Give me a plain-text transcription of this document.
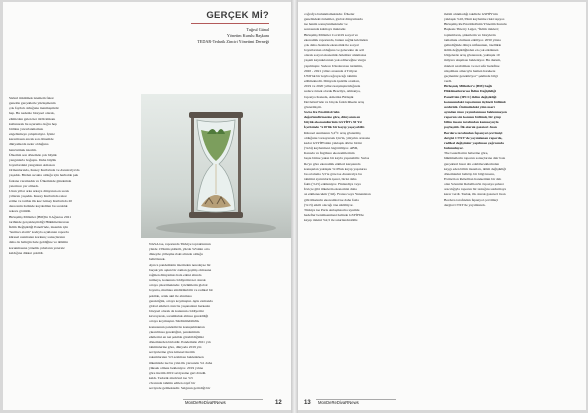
GERÇEK Mİ?
Tuğrul Günal
Yönetim Kurulu Başkanı
TEDAR-Tedarik Zinciri Yönetimi Derneği
Sizleri ürkütmek istemem fakat
genelde gerçeklerle yüzleşmenin
çok faydalı olduğuna inanmışımdır
hep. Bu nedenle bireysel olarak,
elimizden gelen her türlü imkanı
kullanarak bu uçuruma doğru hep
birlikte yuvarlanmamızı
engellemeye çalışmalıyız. İçiniz
kararmasın ancak son dönemde
dünyamızda neler olduğuna
hatırlatmak isterim.
Ülkemiz son dönemde çok büyük
yangınlarla boğuştu. Daha büyük
boyutlardaki yangınları Amazon
Ormanlarında, Kuzey Kutbu'nda ve Avustralya'da
yaşadık. Birden sıcakta olduğu için herhalde pek
farkına varamadık ve Ülkemizde gündemde
yeterince yer almadı.
Uzun yıllar arka arkaya dünyanın en sıcak
yıllarını yaşadık. Kuzey Kutbu'nda rekor
erime ve tarihte ilk kez Güney Kutbu'nda 20
derecenin üstünde kaydedilen bu sıcaklık
rekoru görüldü.
Birleşmiş Milletler (BM)'in 9 Ağustos 2021
tarihinde gerçekleştirdiği Hükümetlerarası
İklim Değişikliği Paneli'nde, insanlık için
"kırmızı alarm" kodıyla açıklanan raporda
küresel ısınmanın korkunç sonuçlarının
daha da belirgin hale geldiğine ve iklimin
korunmasına yönelik çabaların yetersiz
kaldığına dikkat çekildi.
NASA ise, raporunda Türkiye topraklarının
yüzde 13'ünün şiddetli, yüzde 52'sinin orta
düzeyde çölleşme riski altında olduğu
belirtilerek.
Ayrıca pandeminin üzerinden neredeyse bir
buçuk yılı aşkın bir zaman geçmiş olmasına
rağmen dünyamızı hala etkisi altında
tutmaya, konunun ciddiyetini net olarak
ortaya çıkartmaktadır. Çözümlerin global
boyutta, mutlaka sürdürülebilir ve radikal bir
şekilde, ortak akıl ile alınması
gerektiğini, ortaya koymuştur. Aynı zamanda
global etkileri olan bu yaşananları herkesin
bireysel olarak da konunun ciddiyetini
kavrayarak, sorumluluk alması gerekliliği
ortaya koymuştur. Sürdürülebilirlik
konusunun pandemi ile konuşulmaktan
çıkarılması gerektiğini, pandeminin
etkilerini en net şekilde görebildiğimiz
dönemlerden birisidir. Pandemide 2021 yılı
tahminlerine göre, dünyada 2019 yılı
seviyelerine göre küresel üretim
rakamlarının %3 azalması beklenirken
ülkemizde ise bu yılın ilk yarısında %1 daha
yüksek olması bekleniyor. 2019 yılına
göre üretim 2019 seviyesine geri döndü.
kaldı. Tedarik zincirleri ise %3
civarında tahmin edilen zayıf bir
seviyede gelmektedir. Salgının getirdiği bir
MonDeReDivaRNews	12
coğrafya bulunmamaktadır. Ülkeler
genelindeki önlemler, global dünyamızda
ise henüz sonuçlanmaktadır ve
sonrasında kalmaya maktadır.
Birleşmiş Milletler Covid19 sosyal ve
ekonomik raporunda, bunun sağlık krizinden
çok daha ötesinde ekonomik ile sosyal
boyutlarının olduğuna ve gelecekte de acil
olarak sosyal ekonomik önlemler alınmazsa
yaşam kaynaklarının yok edileceğine vurgu
yapılmıştır. Sadece Uluslararası turizmin,
2020 - 2021 yılları arasında 4 Trilyon
USD'lık bir kayba uğrayacağı tahmin
edilmektedir. Dünyada işsizlik oranları,
2019 ve 2020 yılları karşılaştırıldığında
sadece örnek olarak Brezilya, Almanya,
Japonya Kanada, Amerika Birleşik
Devletleri'nde ve birçok farklı ülkede artış
göstermiştir.
Swiss Re Enstitüsü'nün
değerlendirmesine göre, dünyanın en
büyük ekonomilerinin GSYİH'ı 30 Yıl
İçerisinde %18'lik bir kayıp yaşayabilir.
Küresel ısınmanın 3,2°C artış göstermiş
olduğunu varsayarsak Çin'in, yüzyılın ortasına
kadar GSYİH'sinin yaklaşık dörtte birini
(%24) kaybetmesi öngörülüyor. ABD,
Kanada ve İngiltere ekonomilerinin
beşte birine yakın bir kaybı yaşanabilir. Swiss
Re'ye göre ekonomik etkileri karşısında
konuşulan yaklaşık %10'luk kayıp yaşanırsa
bu ortalama 3,5'te göre ise Avustralya bu
tahmini ayrıntılarla işaret, birisi daha
faklı (%15) etkileniyor. Finlandiya veya
İsviçre gibi ülkelerin ekonomisi daha
az etkilenecektir (%6). Fransa veya Yunanistan
gibi ülkelerin ekonomisi ise daha fazla
(%13) etkili olacağı öne sürülüyor.
Türkiye ise Paris Anlaşması'na uyumlu
hedefler benimsenmesi halinde GSYİH'de
kayıp riskini %2,5 ile sınırlandırabilir.
iletim alınmadığı takdirde GSHİY'nin
yaklaşık %10,3'ünü kaybetme riski taşıyor.
Birleşmiş Re Enstitüsü'nün Yönetim Kurulu
Başkanı Thierry Léger, "İklim riskleri;
toplumların, şirketlerin ve bireylerin
tamamını olumsuz etkiliyor. 2050 yılına
gelindiğinde dünya nüfusunun, özellikle
iklim değişikliğinden en çok etkilenen
bölgelerde artış göstererek, yaklaşık 10
milyara ulaşması bekleniyor. Bu durum,
riskleri azaltılması ve net sıfır hedefine
ulaşılması amacıyla hemen harekete
geçmemiz gerektiriyor" şeklinde bilgi
verdi.
Birleşmiş Milletler'e (BM) bağlı
Hükümetlerarası İklim Değişikliği
Paneli'nin (IPCC) iklim değişikliği
konusundaki raporunun üçüncü bölümü
sızdırıldı. Önümüzdeki yılın mart
ayından önce yayımlanması beklenmeyen
raporun söz konusu bölümü, bir grup
bilim insanı tarafından kamuoyuyla
paylaşıldı. İlk olarak gazeteci Juan
Bordera tarafından İspanyol çevrimiçi
dergisi CTXT'de yayımlanan raporda,
radikal değişimler yapılması çağrısında
bulunuluyor.
The Guardian'ın haberine göre,
hükümetlerin raporun sonuçlarına dair bazı
gerçekleri hasır altı edebileceklerinden
kaygı eden bilim insanları, iklim değişikliği
dönemlerini belirtip bir bilgi insanı,
Extinction Rebellion hareketinin bir dalı
olan Scientist Rebellion'in Japonya şubesi
aracılığıyla raporun bir taslağını sızdırmaya
karar verdi. Taslak, ilk olarak gazeteci Juan
Bordera tarafından İspanyol çevrimiçi
dergisi CTXT'de yayımlandı.
13 MonDeReDivaRNews
